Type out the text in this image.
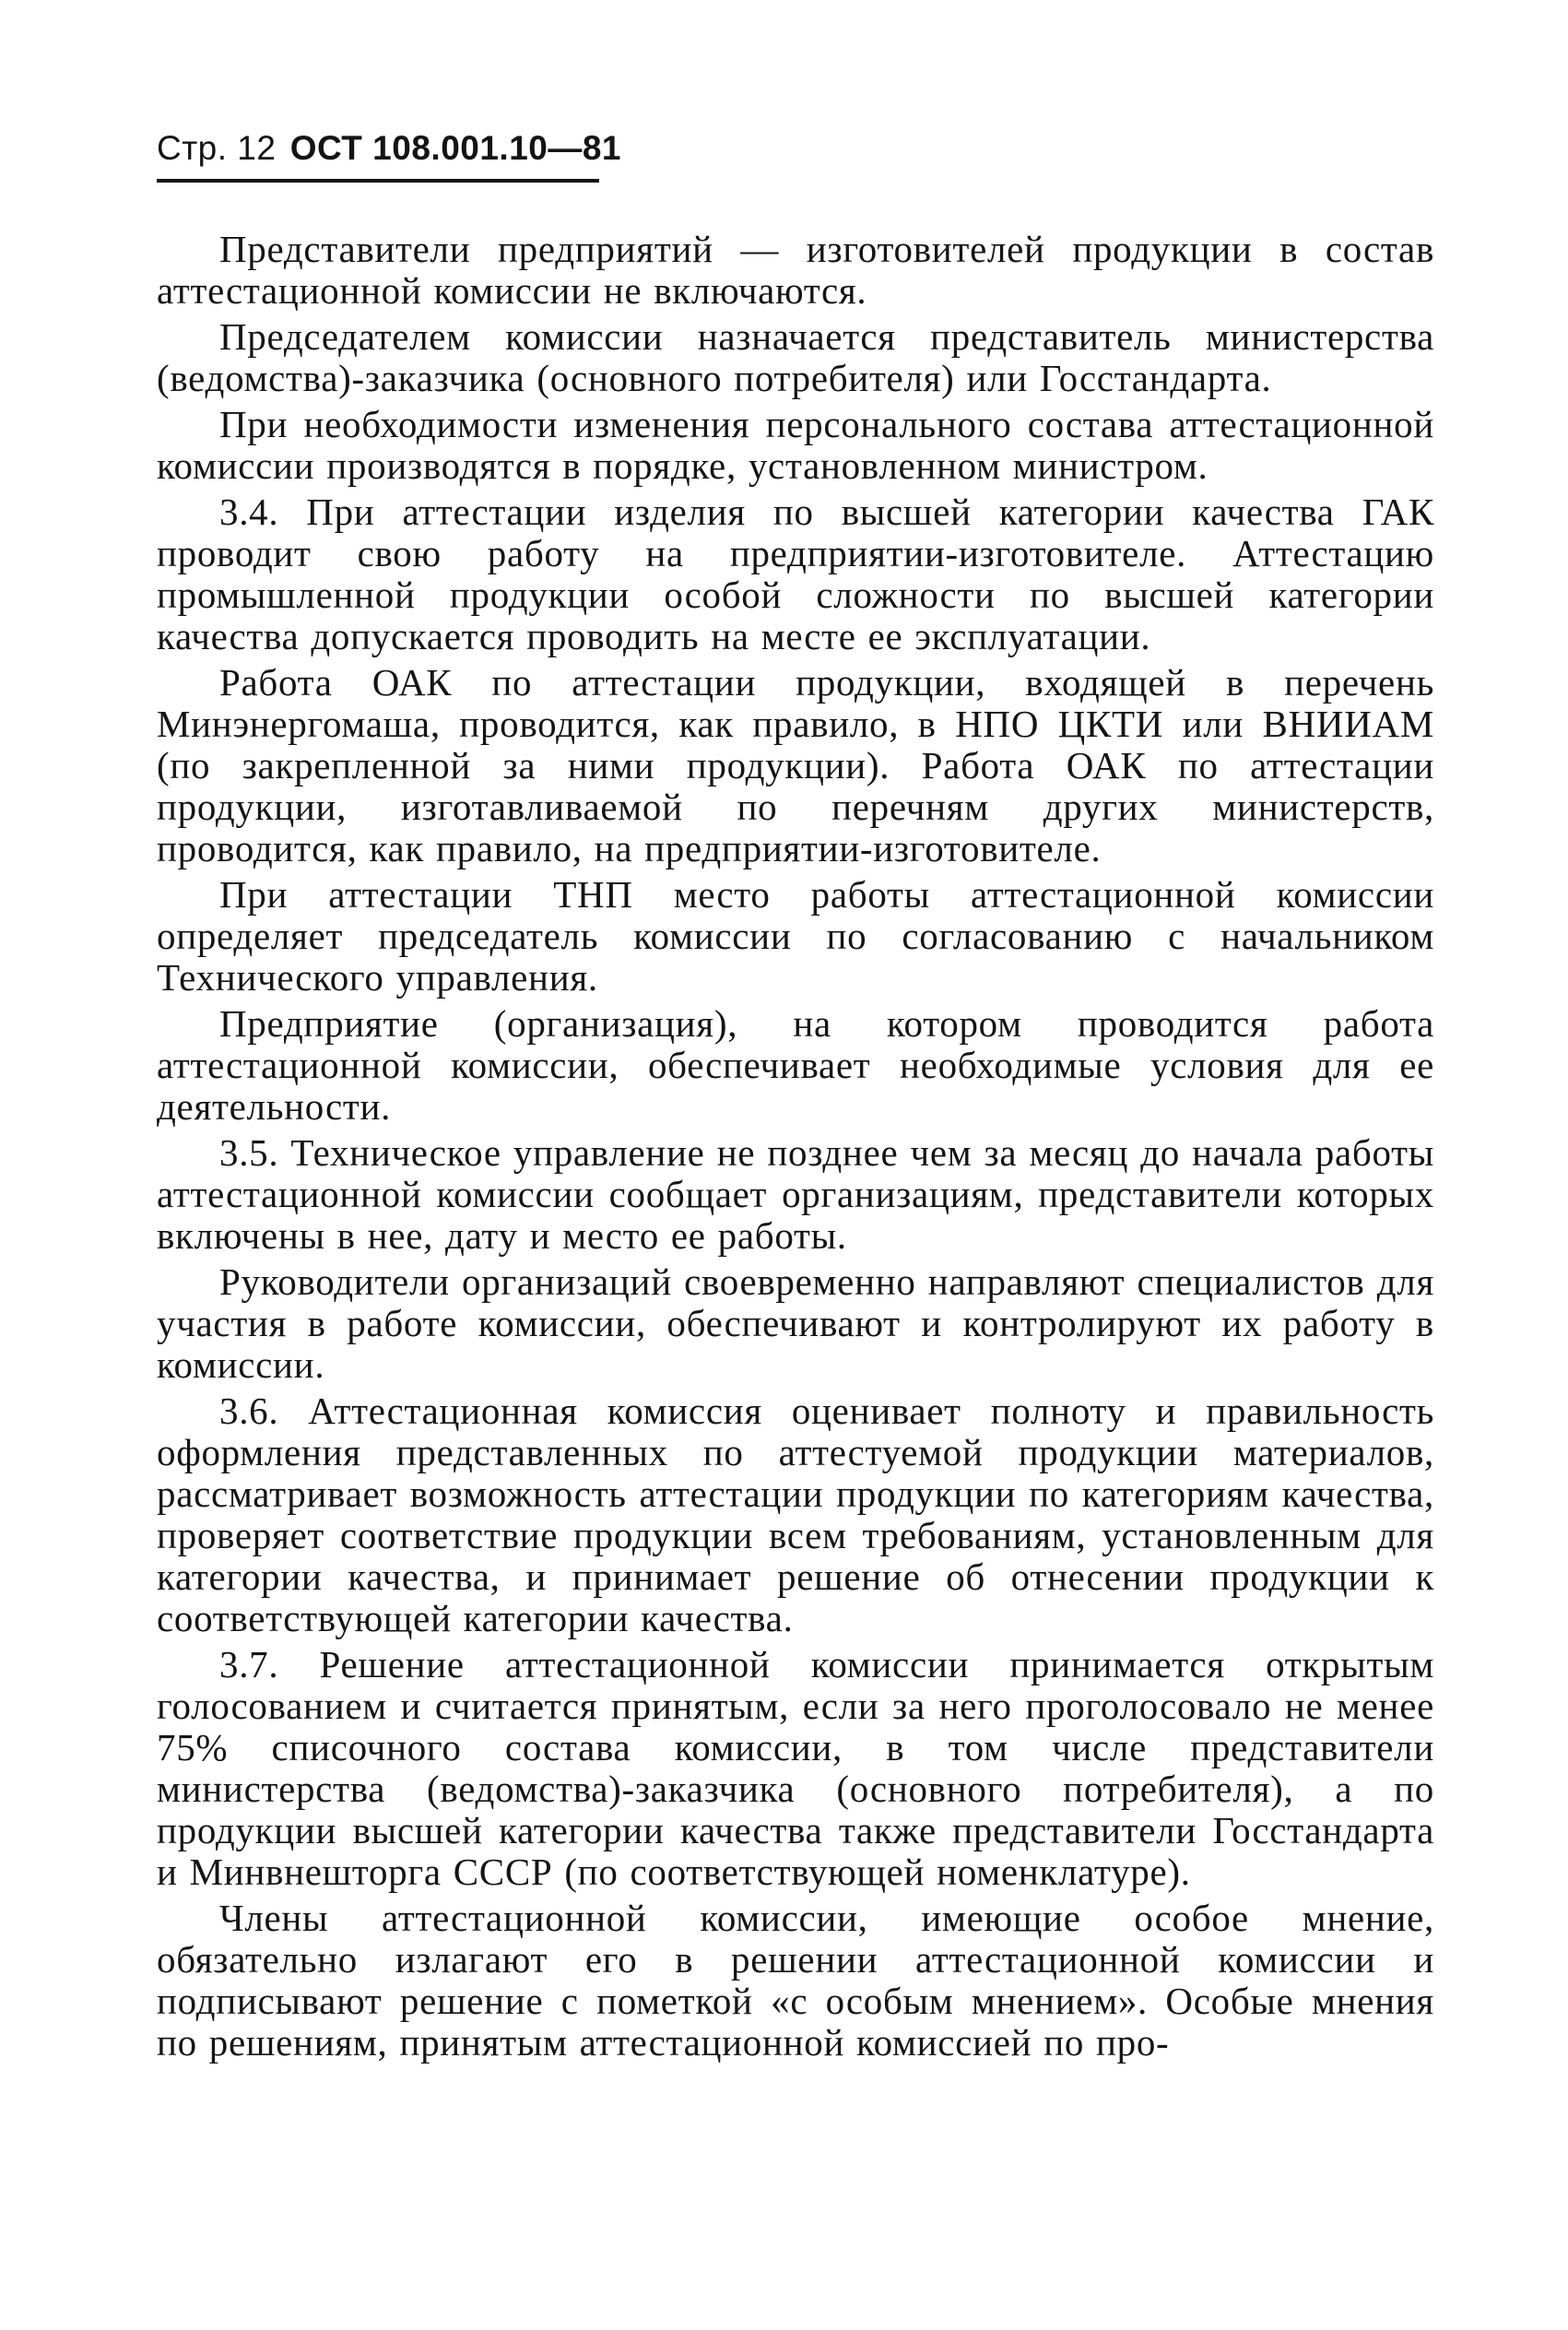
Стр. 12 ОСТ 108.001.10—81

Представители предприятий — изготовителей продукции в состав аттестационной комиссии не включаются.

Председателем комиссии назначается представитель министерства (ведомства)-заказчика (основного потребителя) или Госстандарта.

При необходимости изменения персонального состава аттестационной комиссии производятся в порядке, установленном министром.

3.4. При аттестации изделия по высшей категории качества ГАК проводит свою работу на предприятии-изготовителе. Аттестацию промышленной продукции особой сложности по высшей категории качества допускается проводить на месте ее эксплуатации.

Работа ОАК по аттестации продукции, входящей в перечень Минэнергомаша, проводится, как правило, в НПО ЦКТИ или ВНИИАМ (по закрепленной за ними продукции). Работа ОАК по аттестации продукции, изготавливаемой по перечням других министерств, проводится, как правило, на предприятии-изготовителе.

При аттестации ТНП место работы аттестационной комиссии определяет председатель комиссии по согласованию с начальником Технического управления.

Предприятие (организация), на котором проводится работа аттестационной комиссии, обеспечивает необходимые условия для ее деятельности.

3.5. Техническое управление не позднее чем за месяц до начала работы аттестационной комиссии сообщает организациям, представители которых включены в нее, дату и место ее работы.

Руководители организаций своевременно направляют специалистов для участия в работе комиссии, обеспечивают и контролируют их работу в комиссии.

3.6. Аттестационная комиссия оценивает полноту и правильность оформления представленных по аттестуемой продукции материалов, рассматривает возможность аттестации продукции по категориям качества, проверяет соответствие продукции всем требованиям, установленным для категории качества, и принимает решение об отнесении продукции к соответствующей категории качества.

3.7. Решение аттестационной комиссии принимается открытым голосованием и считается принятым, если за него проголосовало не менее 75% списочного состава комиссии, в том числе представители министерства (ведомства)-заказчика (основного потребителя), а по продукции высшей категории качества также представители Госстандарта и Минвнешторга СССР (по соответствующей номенклатуре).

Члены аттестационной комиссии, имеющие особое мнение, обязательно излагают его в решении аттестационной комиссии и подписывают решение с пометкой «с особым мнением». Особые мнения по решениям, принятым аттестационной комиссией по про-
